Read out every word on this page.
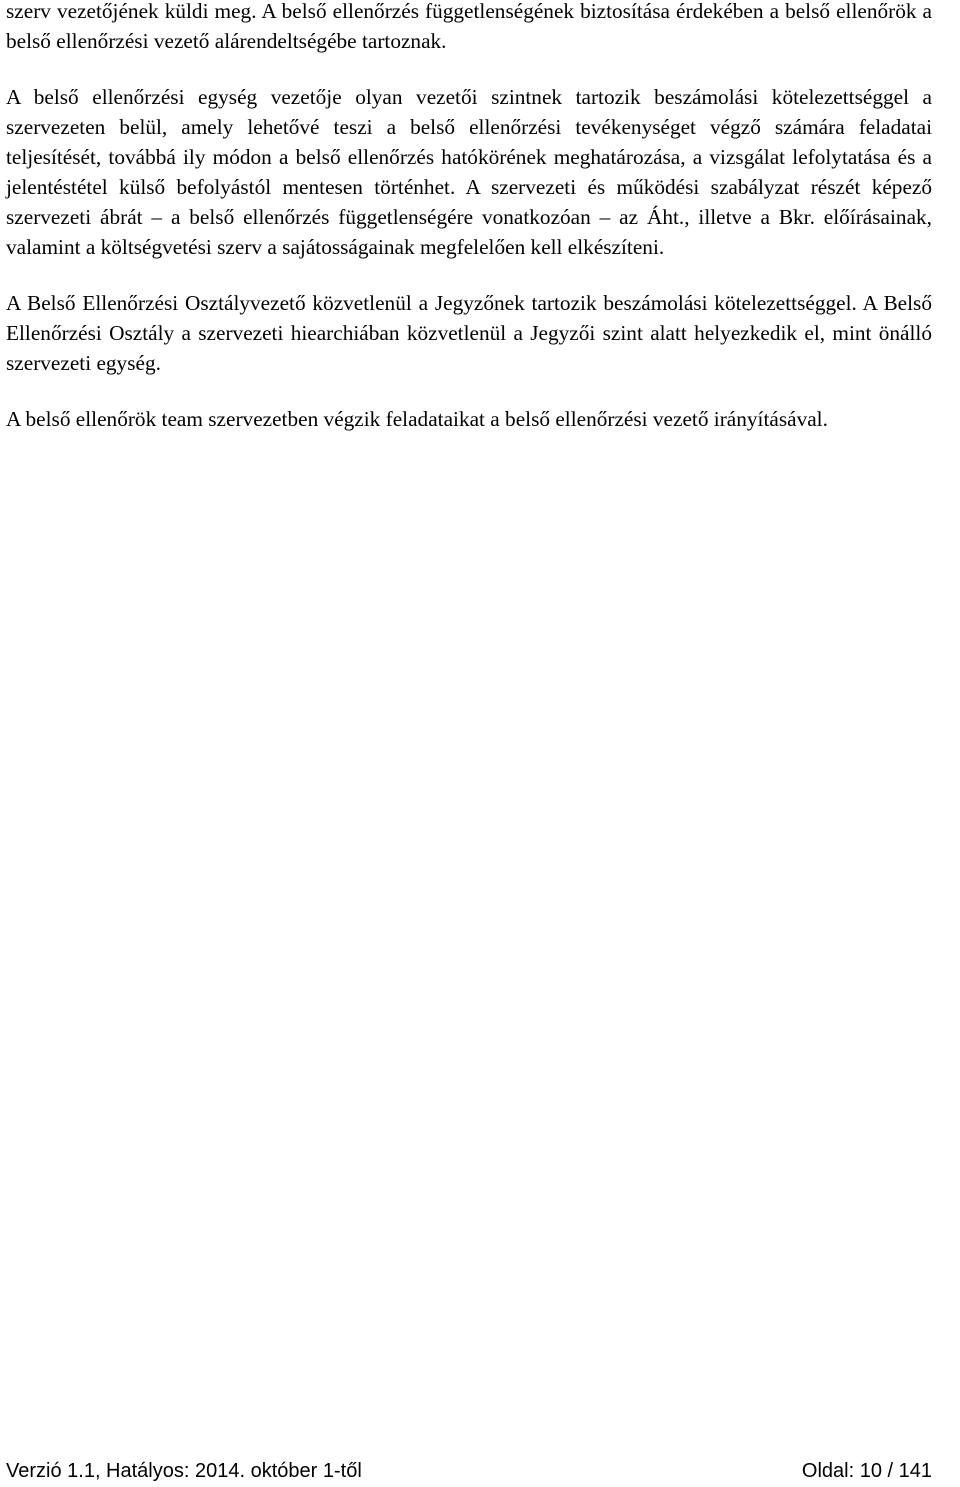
szerv vezetőjének küldi meg. A belső ellenőrzés függetlenségének biztosítása érdekében a belső ellenőrök a belső ellenőrzési vezető alárendeltségébe tartoznak.

A belső ellenőrzési egység vezetője olyan vezetői szintnek tartozik beszámolási kötelezettséggel a szervezeten belül, amely lehetővé teszi a belső ellenőrzési tevékenységet végző számára feladatai teljesítését, továbbá ily módon a belső ellenőrzés hatókörének meghatározása, a vizsgálat lefolytatása és a jelentéstétel külső befolyástól mentesen történhet. A szervezeti és működési szabályzat részét képező szervezeti ábrát – a belső ellenőrzés függetlenségére vonatkozóan – az Áht., illetve a Bkr. előírásainak, valamint a költségvetési szerv a sajátosságainak megfelelően kell elkészíteni.

A Belső Ellenőrzési Osztályvezető közvetlenül a Jegyzőnek tartozik beszámolási kötelezettséggel. A Belső Ellenőrzési Osztály a szervezeti hiearchiában közvetlenül a Jegyzői szint alatt helyezkedik el, mint önálló szervezeti egység.

A belső ellenőrök team szervezetben végzik feladataikat a belső ellenőrzési vezető irányításával.

Verzió 1.1, Hatályos: 2014. október 1-től	Oldal: 10 / 141
